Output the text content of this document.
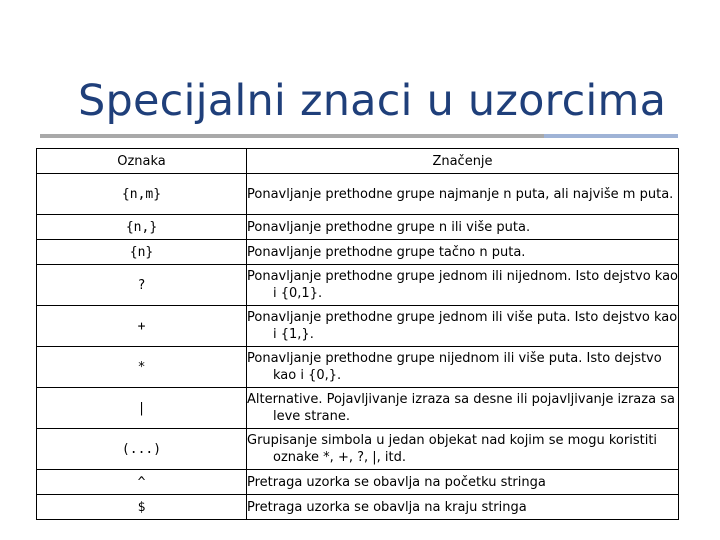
Specijalni znaci u uzorcima
Oznaka	Značenje
{n,m}	Ponavljanje prethodne grupe najmanje n puta, ali najviše m puta.

{n,}	Ponavljanje prethodne grupe n ili više puta.

{n}	Ponavljanje prethodne grupe tačno n puta.

?	Ponavljanje prethodne grupe jednom ili nijednom. Isto dejstvo kao i {0,1}.

+	Ponavljanje prethodne grupe jednom ili više puta. Isto dejstvo kao i {1,}.

*	Ponavljanje prethodne grupe nijednom ili više puta. Isto dejstvo kao i {0,}.

|	Alternative. Pojavljivanje izraza sa desne ili pojavljivanje izraza sa leve strane.

(...)	Grupisanje simbola u jedan objekat nad kojim se mogu koristiti oznake *, +, ?, |, itd.

^	Pretraga uzorka se obavlja na početku stringa

$	Pretraga uzorka se obavlja na kraju stringa
